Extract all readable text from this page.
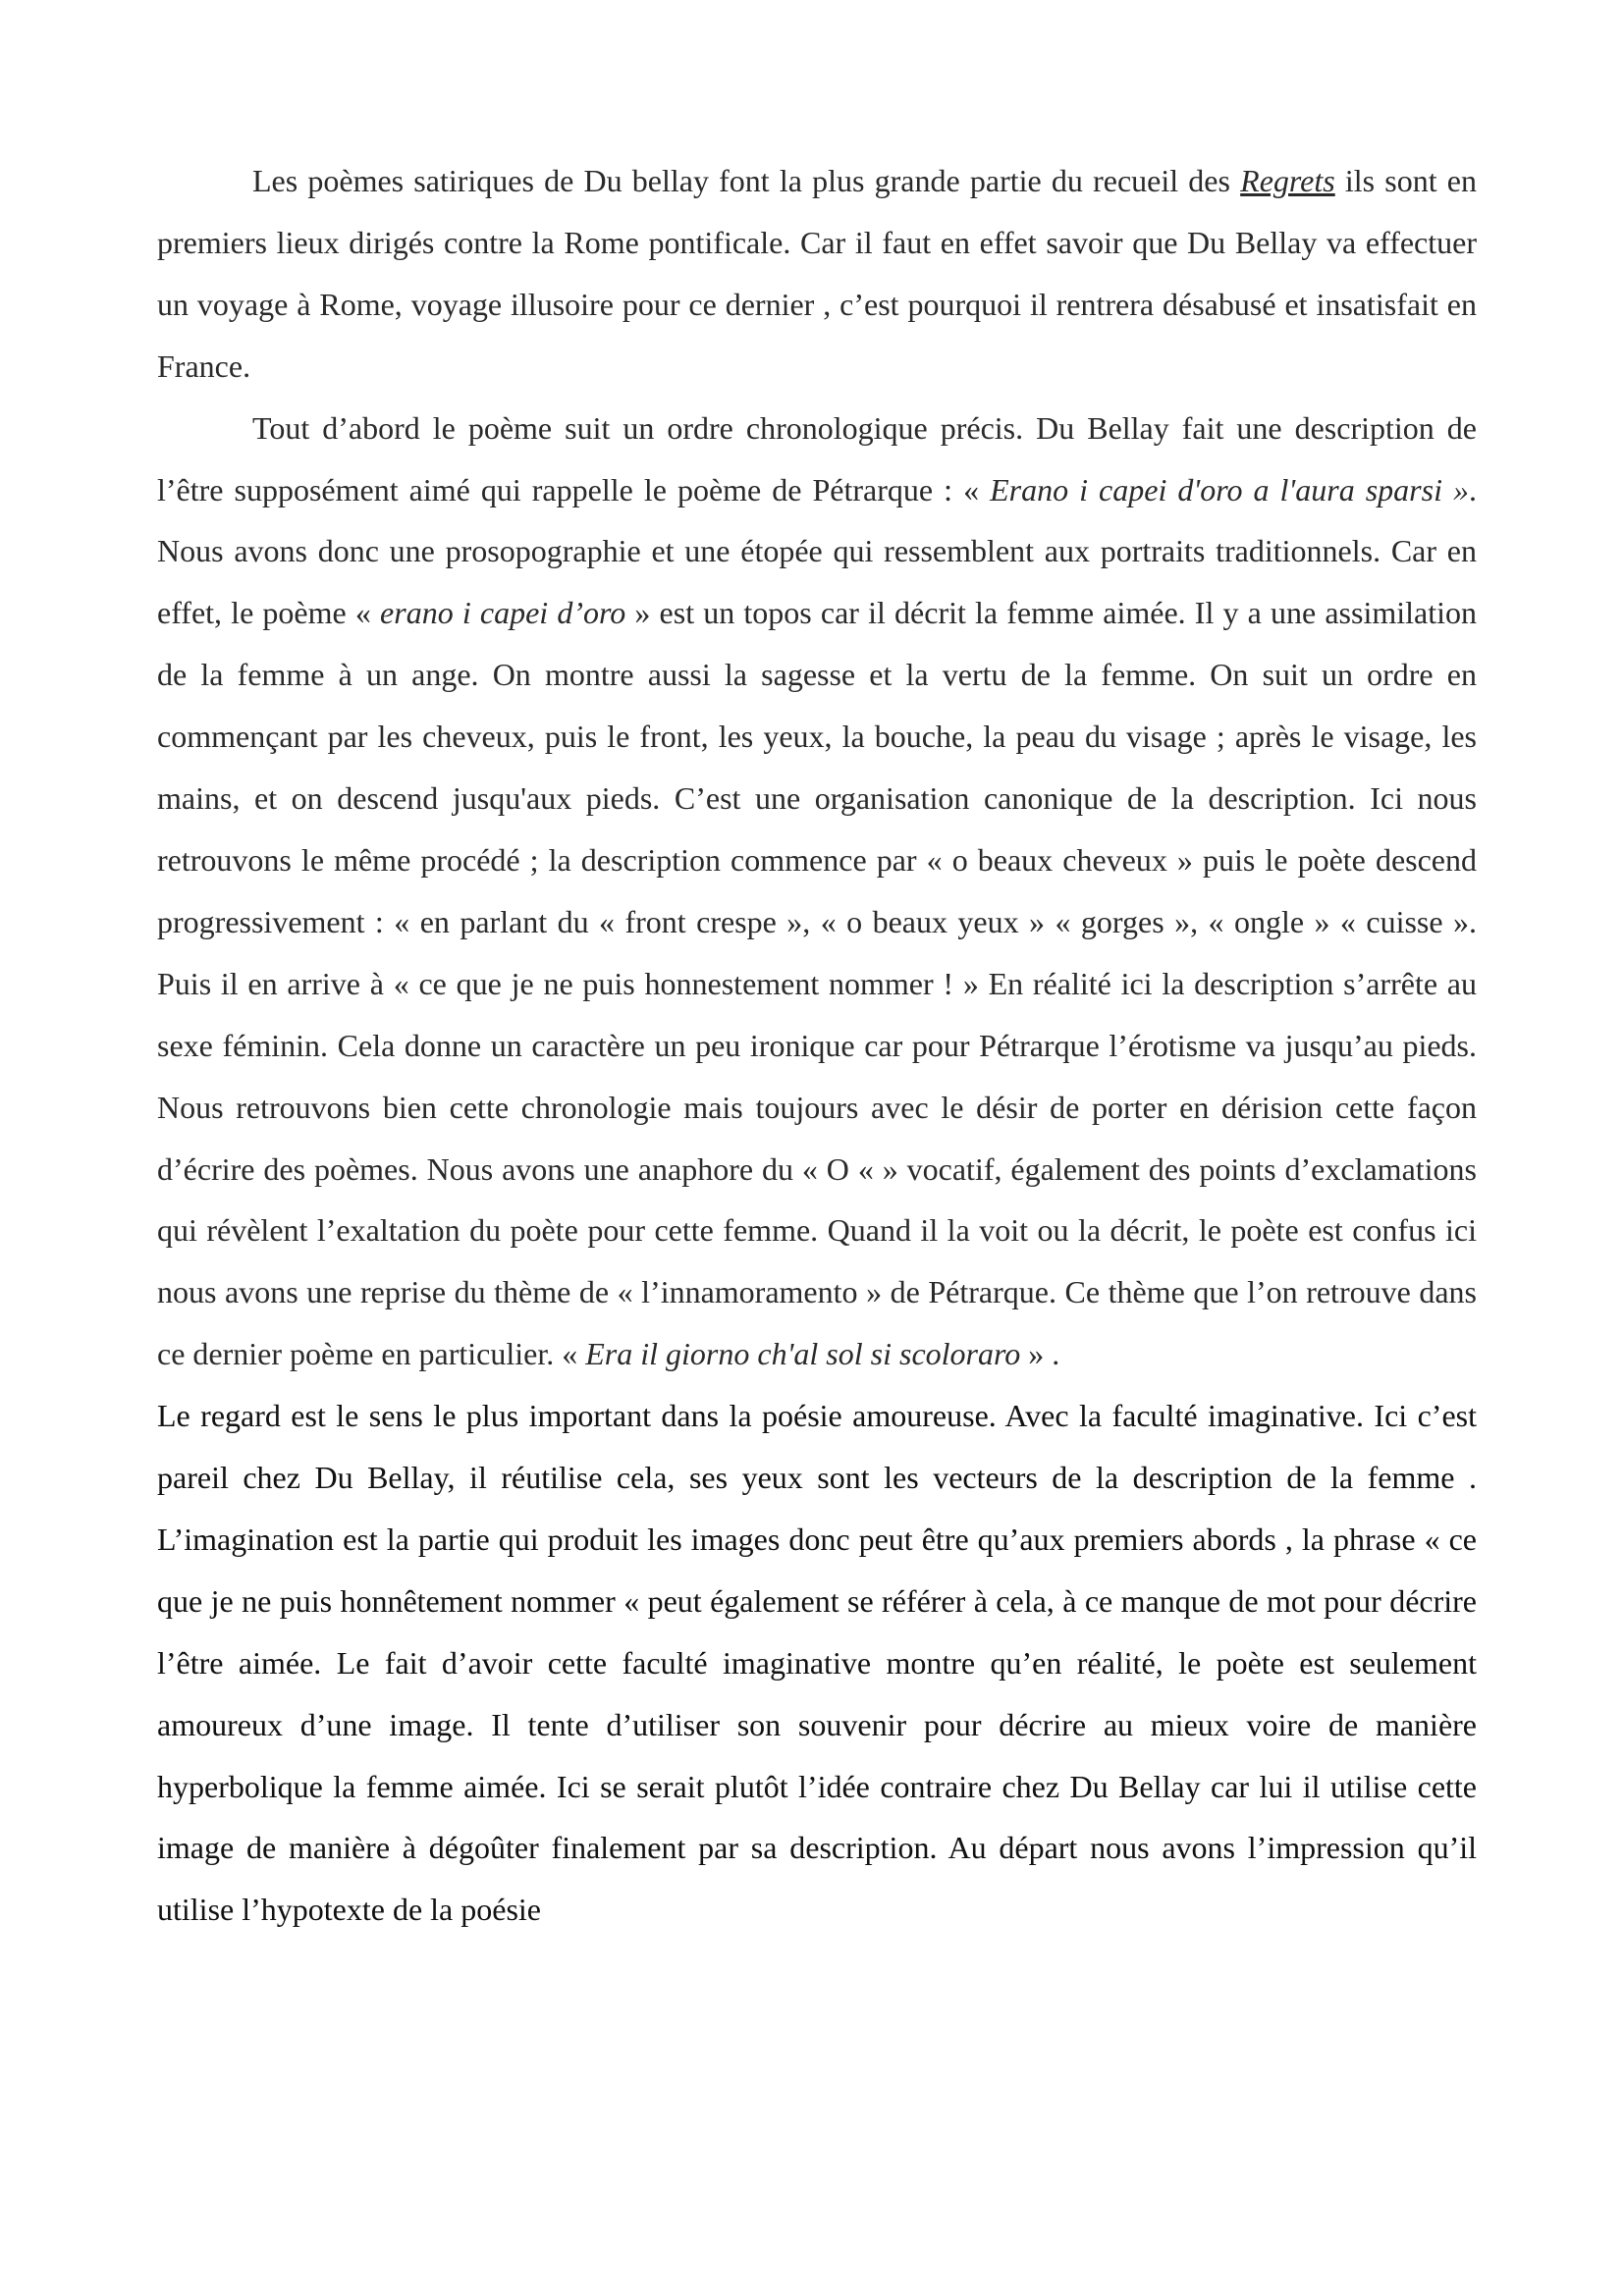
Les poèmes satiriques de Du bellay font la plus grande partie du recueil des Regrets ils sont en premiers lieux dirigés contre la Rome pontificale. Car il faut en effet savoir que Du Bellay va effectuer un voyage à Rome, voyage illusoire pour ce dernier , c’est pourquoi il rentrera désabusé et insatisfait en France.

Tout d’abord le poème suit un ordre chronologique précis. Du Bellay fait une description de l’être supposément aimé qui rappelle le poème de Pétrarque : « Erano i capei d'oro a l'aura sparsi ». Nous avons donc une prosopographie et une étopée qui ressemblent aux portraits traditionnels. Car en effet, le poème « erano i capei d’oro » est un topos car il décrit la femme aimée. Il y a une assimilation de la femme à un ange. On montre aussi la sagesse et la vertu de la femme. On suit un ordre en commençant par les cheveux, puis le front, les yeux, la bouche, la peau du visage ; après le visage, les mains, et on descend jusqu'aux pieds. C’est une organisation canonique de la description. Ici nous retrouvons le même procédé ; la description commence par « o beaux cheveux » puis le poète descend progressivement : « en parlant du « front crespe », « o beaux yeux » « gorges », « ongle » « cuisse ». Puis il en arrive à « ce que je ne puis honnestement nommer ! » En réalité ici la description s’arrête au sexe féminin. Cela donne un caractère un peu ironique car pour Pétrarque l’érotisme va jusqu’au pieds. Nous retrouvons bien cette chronologie mais toujours avec le désir de porter en dérision cette façon d’écrire des poèmes. Nous avons une anaphore du « O « » vocatif, également des points d’exclamations qui révèlent l’exaltation du poète pour cette femme. Quand il la voit ou la décrit, le poète est confus ici nous avons une reprise du thème de « l’innamoramento » de Pétrarque. Ce thème que l’on retrouve dans ce dernier poème en particulier. « Era il giorno ch'al sol si scoloraro » .

Le regard est le sens le plus important dans la poésie amoureuse. Avec la faculté imaginative. Ici c’est pareil chez Du Bellay, il réutilise cela, ses yeux sont les vecteurs de la description de la femme . L’imagination est la partie qui produit les images donc peut être qu’aux premiers abords , la phrase « ce que je ne puis honnêtement nommer « peut également se référer à cela, à ce manque de mot pour décrire l’être aimée. Le fait d’avoir cette faculté imaginative montre qu’en réalité, le poète est seulement amoureux d’une image. Il tente d’utiliser son souvenir pour décrire au mieux voire de manière hyperbolique la femme aimée. Ici se serait plutôt l’idée contraire chez Du Bellay car lui il utilise cette image de manière à dégoûter finalement par sa description. Au départ nous avons l’impression qu’il utilise l’hypotexte de la poésie
